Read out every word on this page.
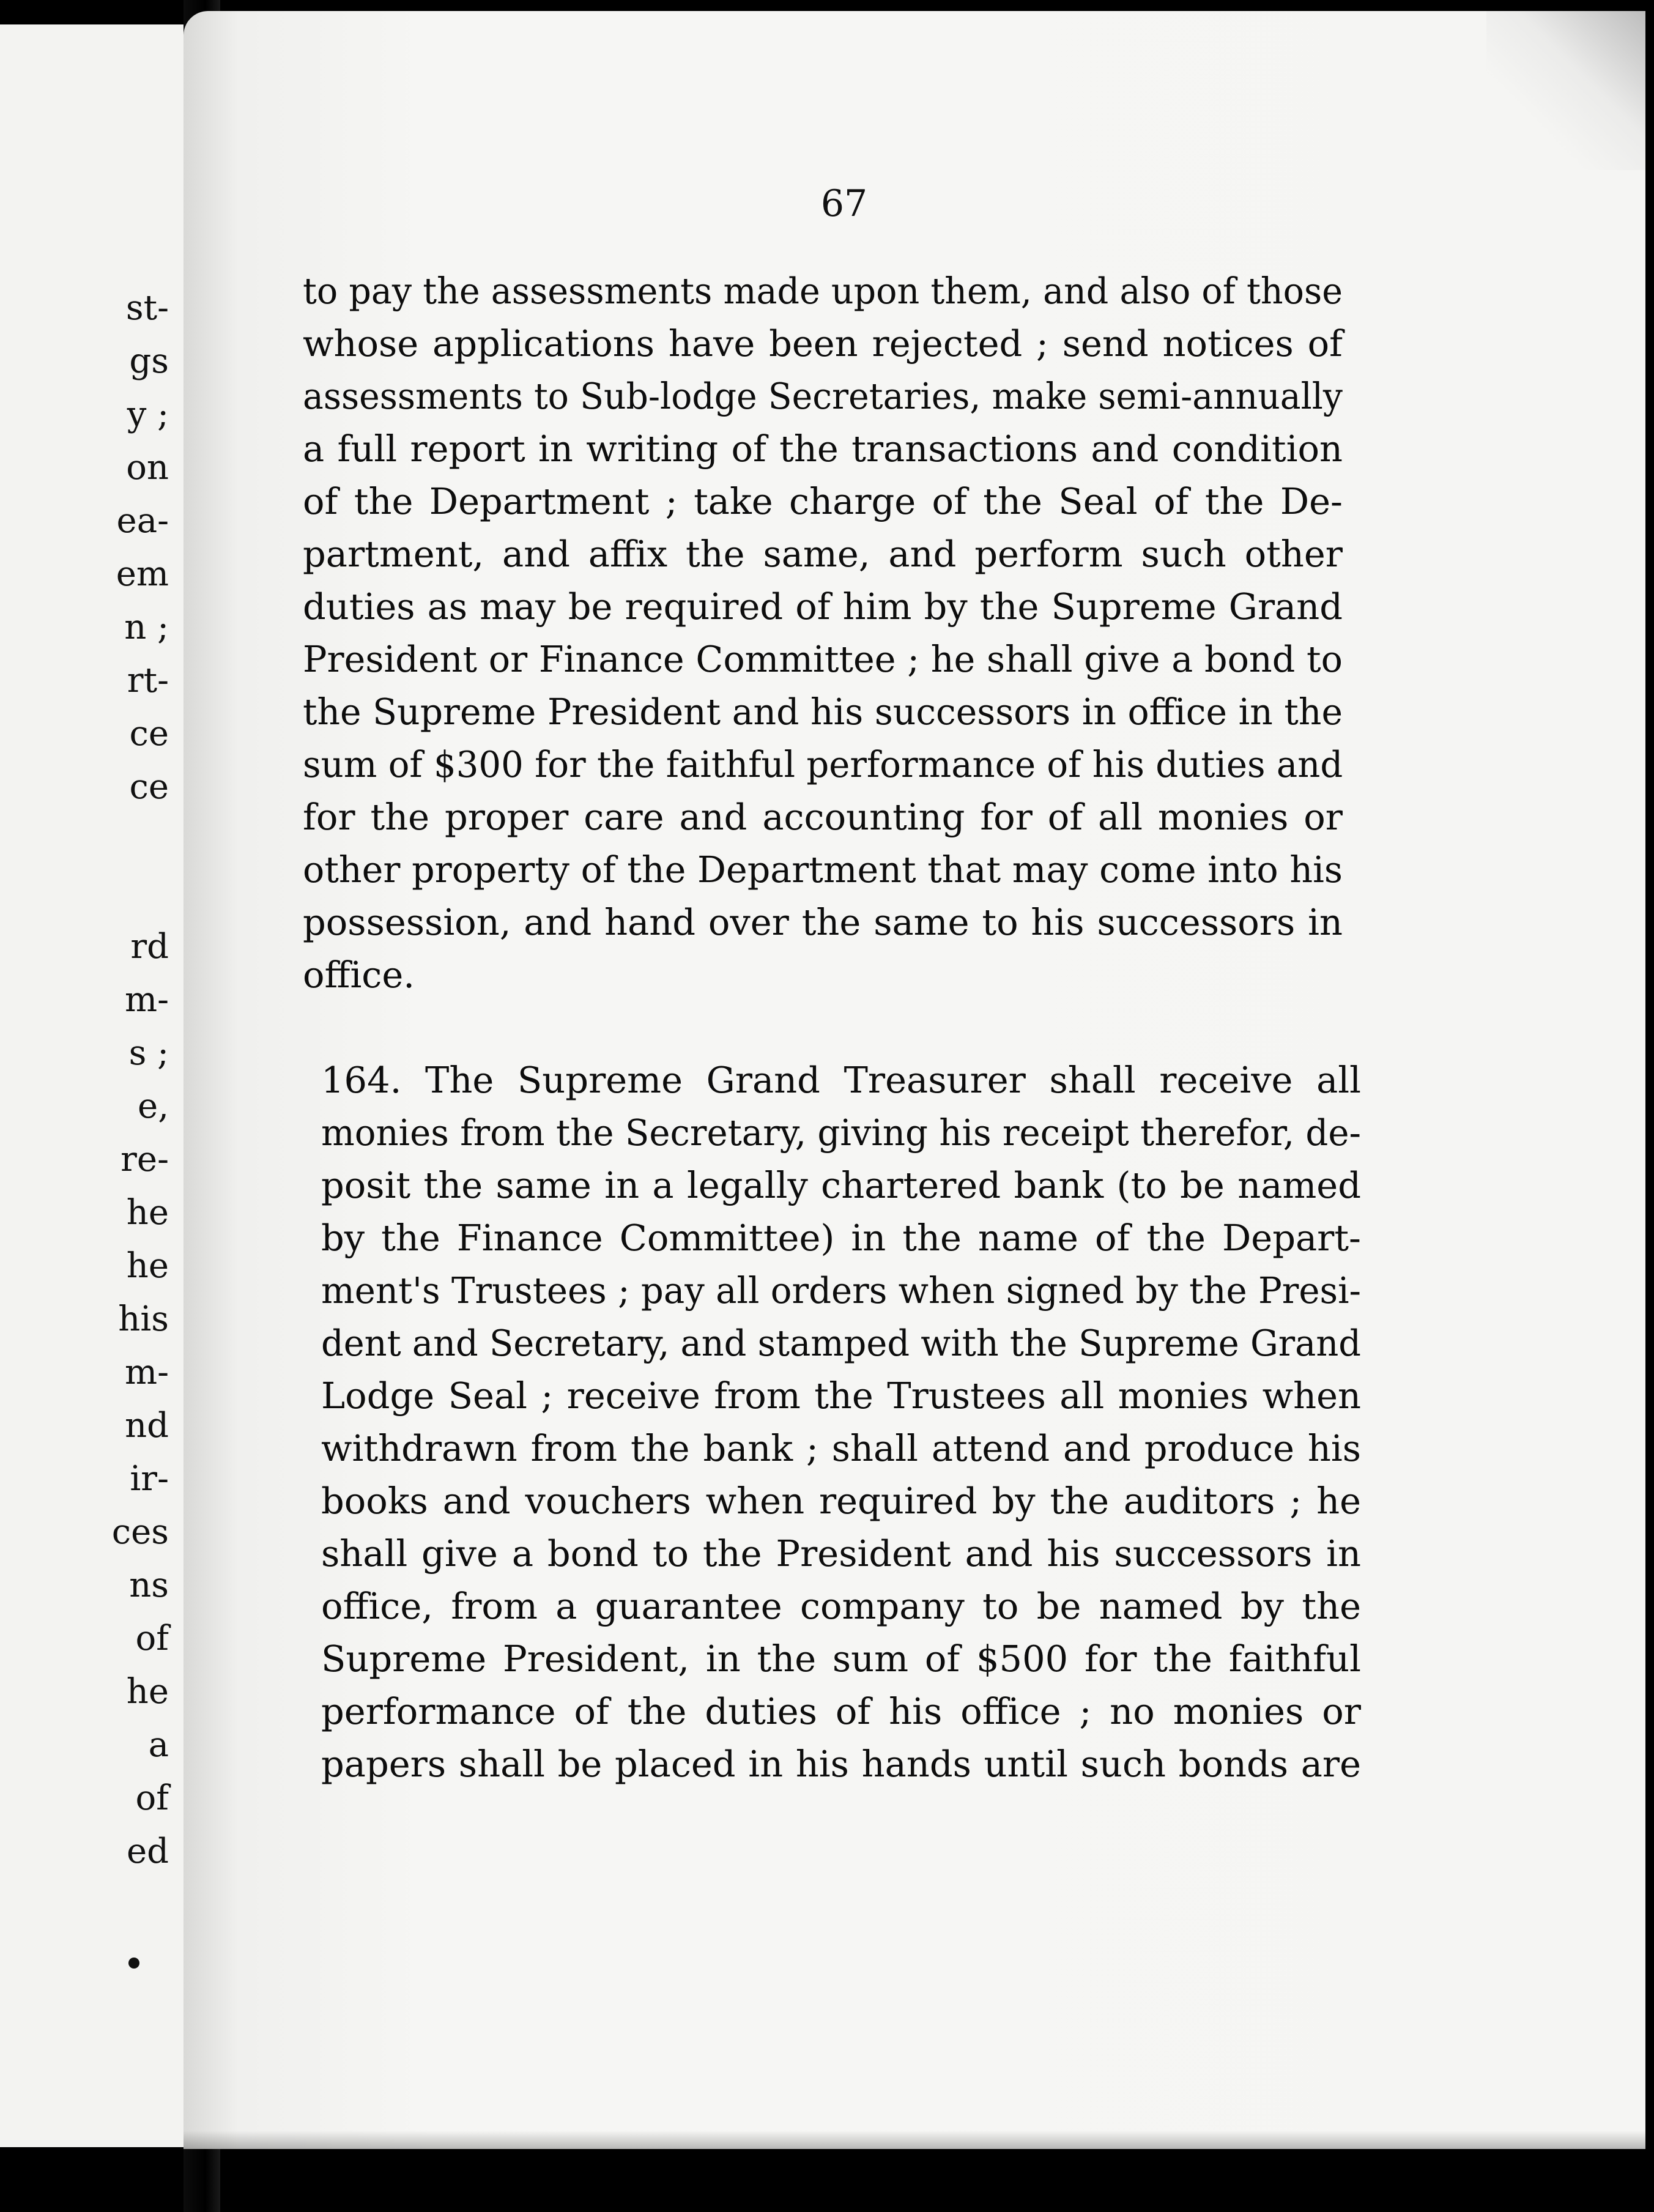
st-
gs
y ;
on
ea-
em
n ;
rt-
ce
ce
rd
m-
s ;
e,
re-
he
he
his
m-
nd
ir-
ces
ns
of
he
a
of
ed
67
to pay the assessments made upon them, and also of those
whose applications have been rejected ; send notices of
assessments to Sub-lodge Secretaries, make semi-annually
a full report in writing of the transactions and condition
of the Department ; take charge of the Seal of the De-
partment, and affix the same, and perform such other
duties as may be required of him by the Supreme Grand
President or Finance Committee ; he shall give a bond to
the Supreme President and his successors in office in the
sum of $300 for the faithful performance of his duties and
for the proper care and accounting for of all monies or
other property of the Department that may come into his
possession, and hand over the same to his successors in
office.
164. The Supreme Grand Treasurer shall receive all
monies from the Secretary, giving his receipt therefor, de-
posit the same in a legally chartered bank (to be named
by the Finance Committee) in the name of the Depart-
ment's Trustees ; pay all orders when signed by the Presi-
dent and Secretary, and stamped with the Supreme Grand
Lodge Seal ; receive from the Trustees all monies when
withdrawn from the bank ; shall attend and produce his
books and vouchers when required by the auditors ; he
shall give a bond to the President and his successors in
office, from a guarantee company to be named by the
Supreme President, in the sum of $500 for the faithful
performance of the duties of his office ; no monies or
papers shall be placed in his hands until such bonds are
